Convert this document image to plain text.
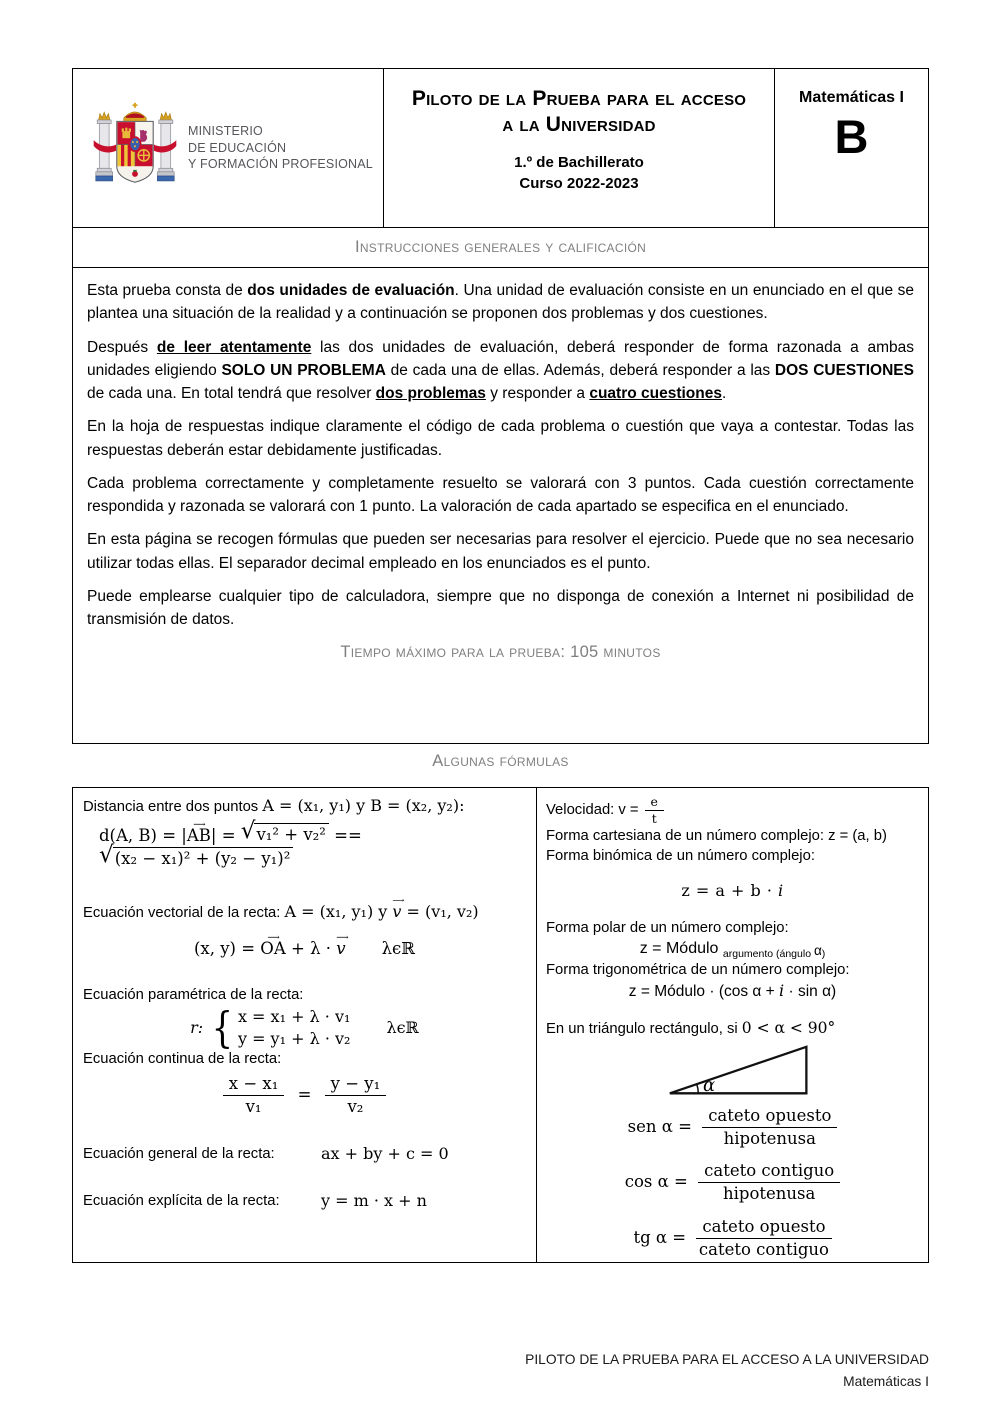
MINISTERIO
DE EDUCACIÓN
Y FORMACIÓN PROFESIONAL
Piloto de la Prueba para el acceso
a la Universidad
1.º de Bachillerato
Curso 2022-2023
Matemáticas I
B
Instrucciones generales y calificación

Esta prueba consta de dos unidades de evaluación. Una unidad de evaluación consiste en un enunciado en el que se plantea una situación de la realidad y a continuación se proponen dos problemas y dos cuestiones.

Después de leer atentamente las dos unidades de evaluación, deberá responder de forma razonada a ambas unidades eligiendo SOLO UN PROBLEMA de cada una de ellas. Además, deberá responder a las DOS CUESTIONES de cada una. En total tendrá que resolver dos problemas y responder a cuatro cuestiones.

En la hoja de respuestas indique claramente el código de cada problema o cuestión que vaya a contestar. Todas las respuestas deberán estar debidamente justificadas.

Cada problema correctamente y completamente resuelto se valorará con 3 puntos. Cada cuestión correctamente respondida y razonada se valorará con 1 punto. La valoración de cada apartado se especifica en el enunciado.

En esta página se recogen fórmulas que pueden ser necesarias para resolver el ejercicio. Puede que no sea necesario utilizar todas ellas. El separador decimal empleado en los enunciados es el punto.

Puede emplearse cualquier tipo de calculadora, siempre que no disponga de conexión a Internet ni posibilidad de transmisión de datos.

Tiempo máximo para la prueba: 105 minutos
Algunas fórmulas
Distancia entre dos puntos A = (x₁, y₁) y B = (x₂, y₂):
d(A, B) = |AB ⟶| = √ v₁² + v₂² ==
√ (x₂ − x₁)² + (y₂ − y₁)²
Ecuación vectorial de la recta: A = (x₁, y₁) y v ⟶ = (v₁, v₂)
(x, y) = OA ⟶ + λ · v ⟶ λϵℝ
Ecuación paramétrica de la recta:
r: { x = x₁ + λ · v₁
y = y₁ + λ · v₂
λϵℝ
Ecuación continua de la recta:
$\frac{\text{x − x₁}}{\text{v₁}} = \frac{\text{y − y₁}}{\text{v₂}}$
Ecuación general de la recta:	ax + by + c = 0
Ecuación explícita de la recta:	y = m · x + n
Velocidad: $v = \frac{e}{t}$
Forma cartesiana de un número complejo: z = (a, b)
Forma binómica de un número complejo:
z = a + b · i
Forma polar de un número complejo:
z = Módulo $_{argumento (ángulo}$ $\alpha_)$
Forma trigonométrica de un número complejo:
z = Módulo · (cos α + i · sin α)
En un triángulo rectángulo, si 0 < α < 90°
α
sen $\alpha = \frac{\text{cateto opuesto}}{\text{hipotenusa}}$
$\cos \alpha = \frac{\text{cateto contiguo}}{\text{hipotenusa}}$
tg $\alpha = \frac{\text{cateto opuesto}}{\text{cateto contiguo}}$
PILOTO DE LA PRUEBA PARA EL ACCESO A LA UNIVERSIDAD
Matemáticas I
